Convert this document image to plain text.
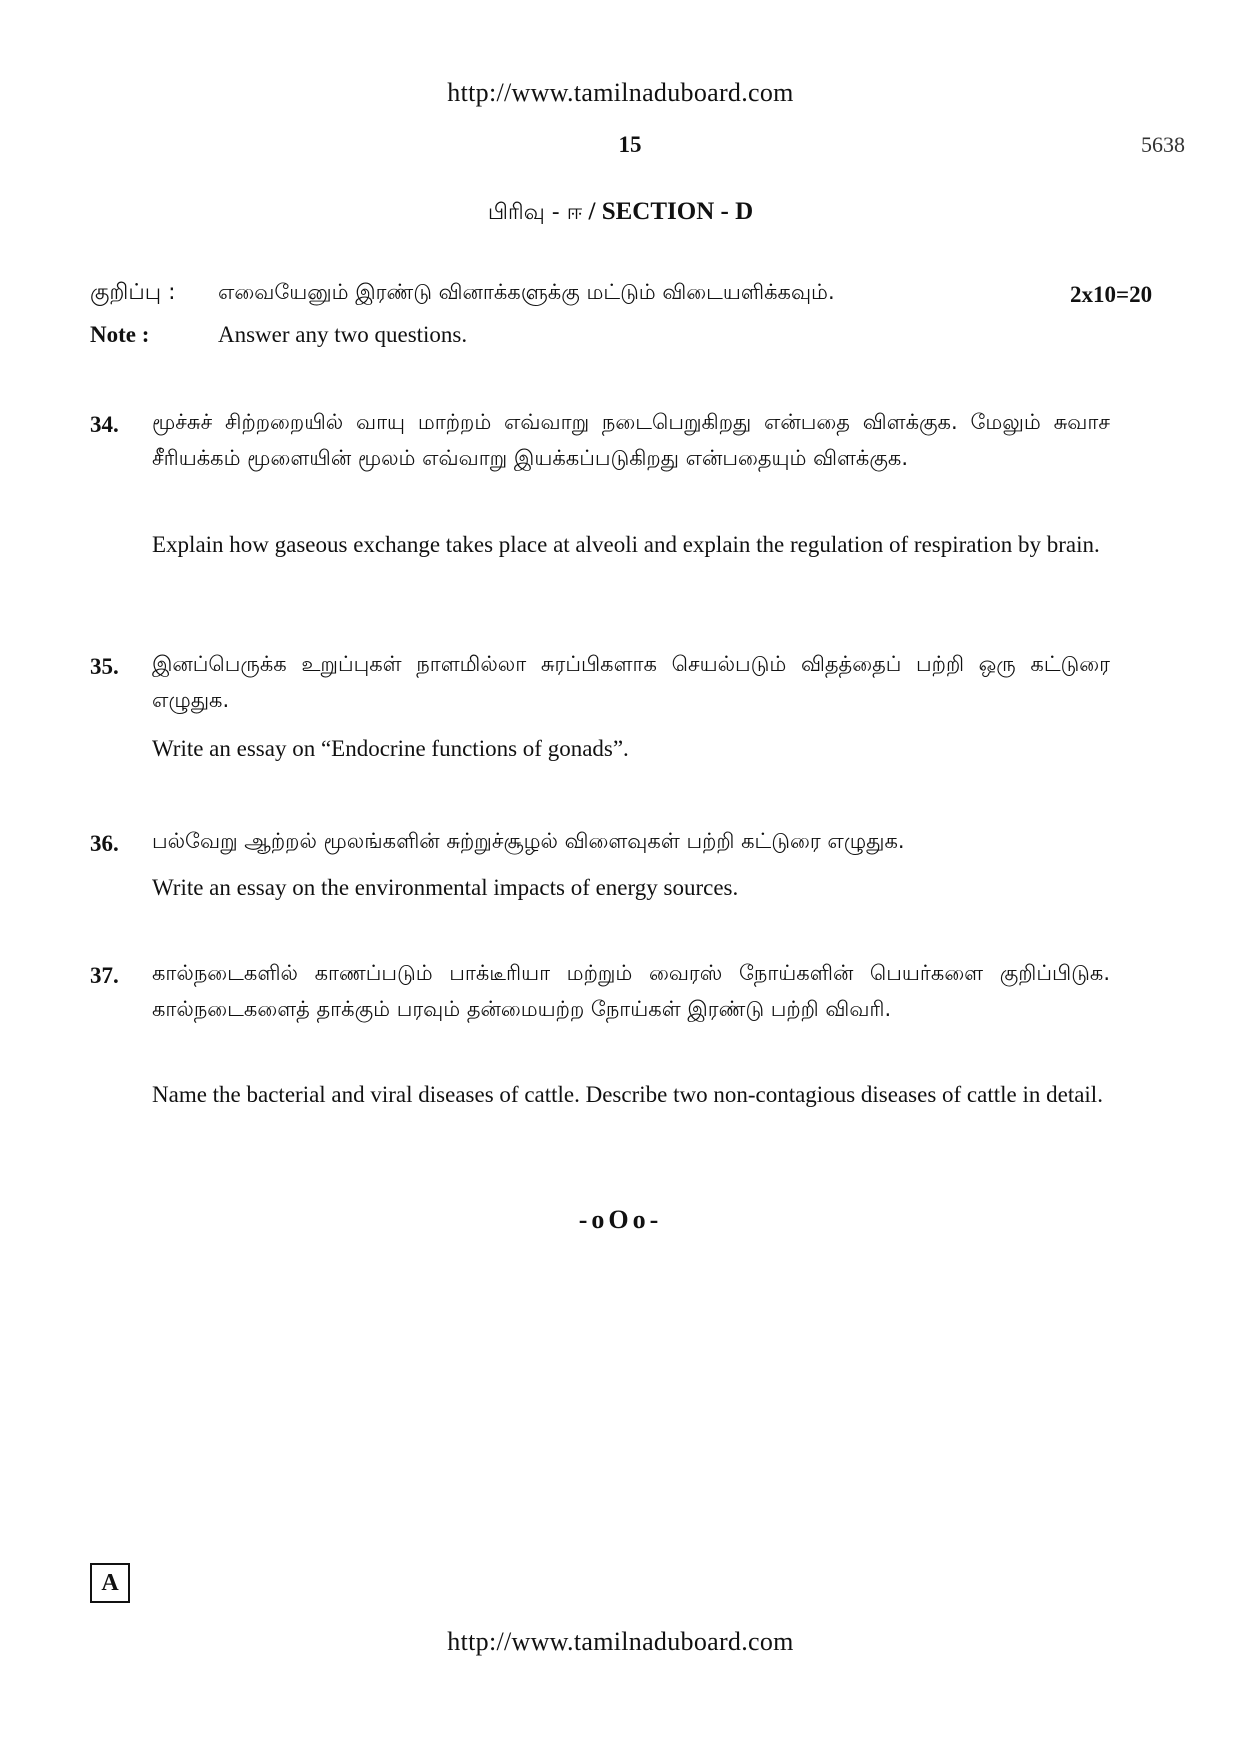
http://www.tamilnaduboard.com
15	5638
பிரிவு - ஈ / SECTION - D
குறிப்பு : எவையேனும் இரண்டு வினாக்களுக்கு மட்டும் விடையளிக்கவும்.	2x10=20
Note :	Answer any two questions.
34. மூச்சுச் சிற்றறையில் வாயு மாற்றம் எவ்வாறு நடைபெறுகிறது என்பதை விளக்குக. மேலும் சுவாச சீரியக்கம் மூளையின் மூலம் எவ்வாறு இயக்கப்படுகிறது என்பதையும் விளக்குக.
Explain how gaseous exchange takes place at alveoli and explain the regulation of respiration by brain.
35. இனப்பெருக்க உறுப்புகள் நாளமில்லா சுரப்பிகளாக செயல்படும் விதத்தைப் பற்றி ஒரு கட்டுரை எழுதுக.
Write an essay on “Endocrine functions of gonads”.
36. பல்வேறு ஆற்றல் மூலங்களின் சுற்றுச்சூழல் விளைவுகள் பற்றி கட்டுரை எழுதுக.
Write an essay on the environmental impacts of energy sources.
37. கால்நடைகளில் காணப்படும் பாக்டீரியா மற்றும் வைரஸ் நோய்களின் பெயர்களை குறிப்பிடுக. கால்நடைகளைத் தாக்கும் பரவும் தன்மையற்ற நோய்கள் இரண்டு பற்றி விவரி.
Name the bacterial and viral diseases of cattle. Describe two non-contagious diseases of cattle in detail.
-oOo-
A
http://www.tamilnaduboard.com
